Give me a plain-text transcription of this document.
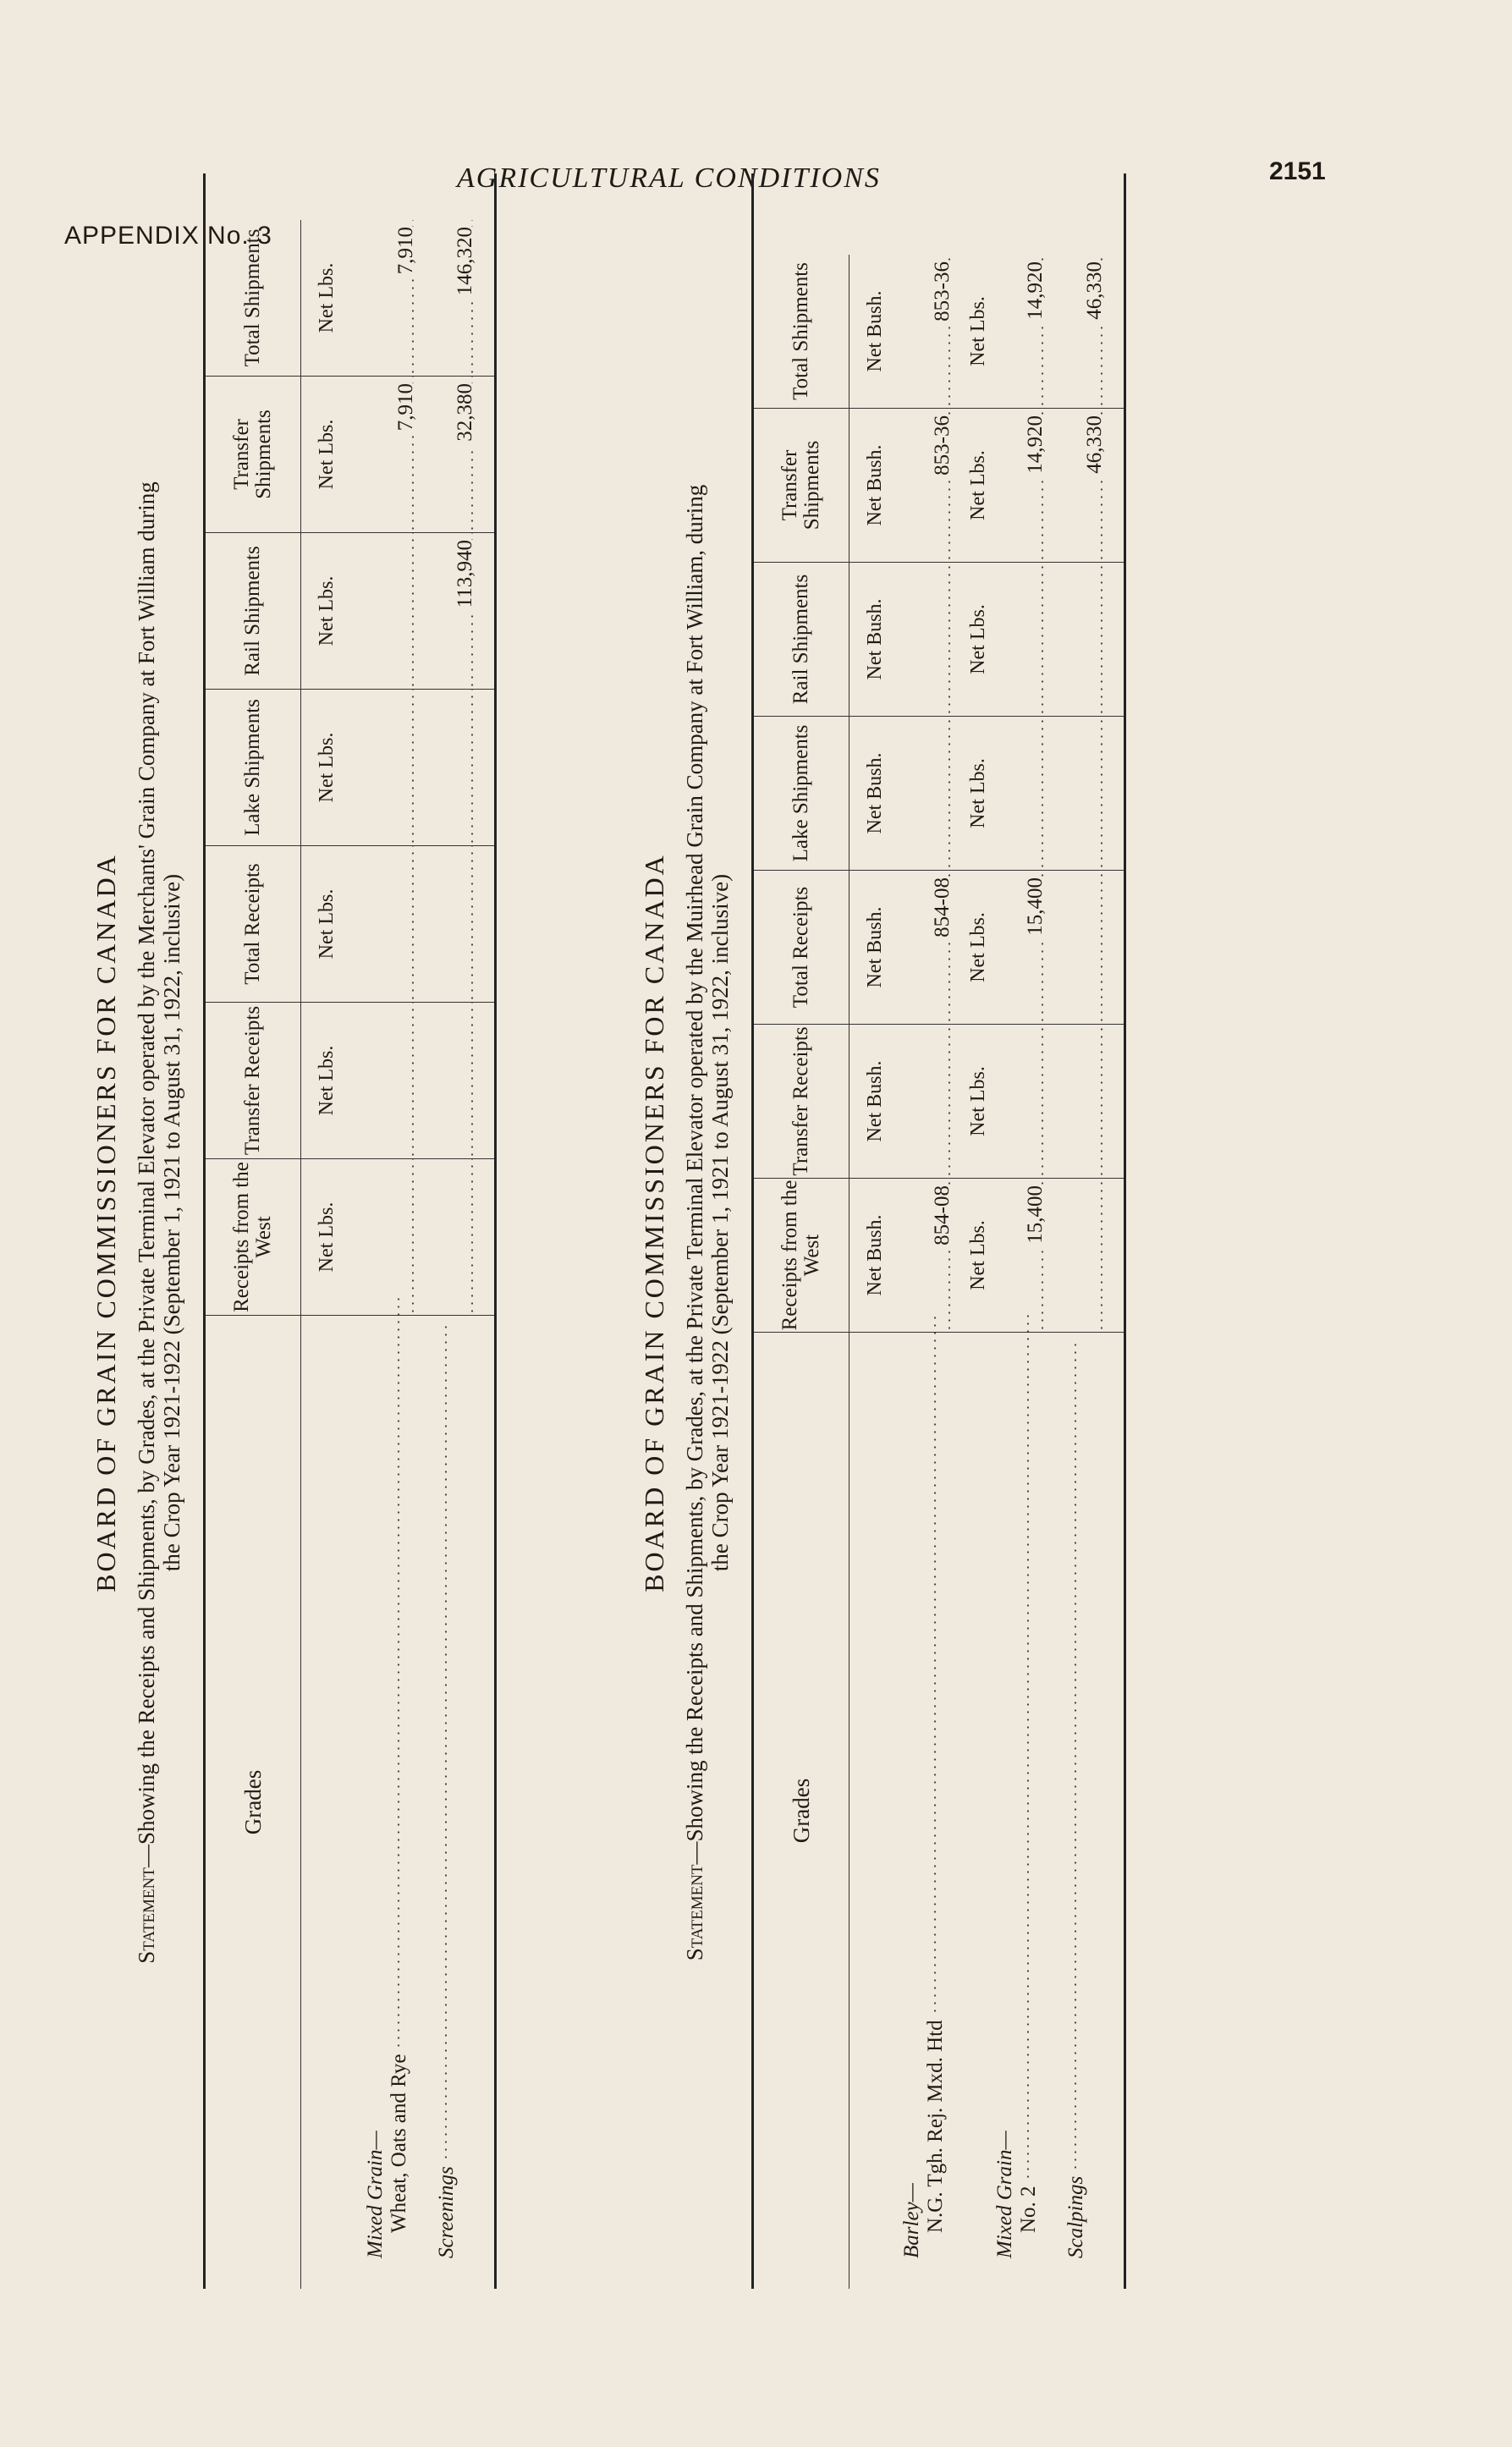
AGRICULTURAL CONDITIONS	2151
APPENDIX No. 3
BOARD OF GRAIN COMMISSIONERS FOR CANADA
Statement—Showing the Receipts and Shipments, by Grades, at the Private Terminal Elevator operated by the Merchants' Grain Company at Fort William during
the Crop Year 1921-1922 (September 1, 1921 to August 31, 1922, inclusive)
Grades
Receipts from the West
Transfer Receipts
Total Receipts
Lake Shipments
Rail Shipments
Transfer Shipments
Total Shipments
Net Lbs.
Net Lbs.
Net Lbs.
Net Lbs.
Net Lbs.
Net Lbs.
Net Lbs.
Mixed Grain— Wheat, Oats and Rye
7,910
7,910
Screenings
113,940
32,380
146,320
BOARD OF GRAIN COMMISSIONERS FOR CANADA
Statement—Showing the Receipts and Shipments, by Grades, at the Private Terminal Elevator operated by the Muirhead Grain Company at Fort William, during
the Crop Year 1921-1922 (September 1, 1921 to August 31, 1922, inclusive)
Grades
Receipts from the West
Transfer Receipts
Total Receipts
Lake Shipments
Rail Shipments
Transfer Shipments
Total Shipments
Net Bush.
Net Bush.
Net Bush.
Net Bush.
Net Bush.
Net Bush.
Net Bush.
Barley— N.G. Tgh. Rej. Mxd. Htd
854-08
854-08
853-36
853-36
Net Lbs.
Net Lbs.
Net Lbs.
Net Lbs.
Net Lbs.
Net Lbs.
Net Lbs.
Mixed Grain— No. 2
15,400
15,400
14,920
14,920
Scalpings
46,330
46,330
